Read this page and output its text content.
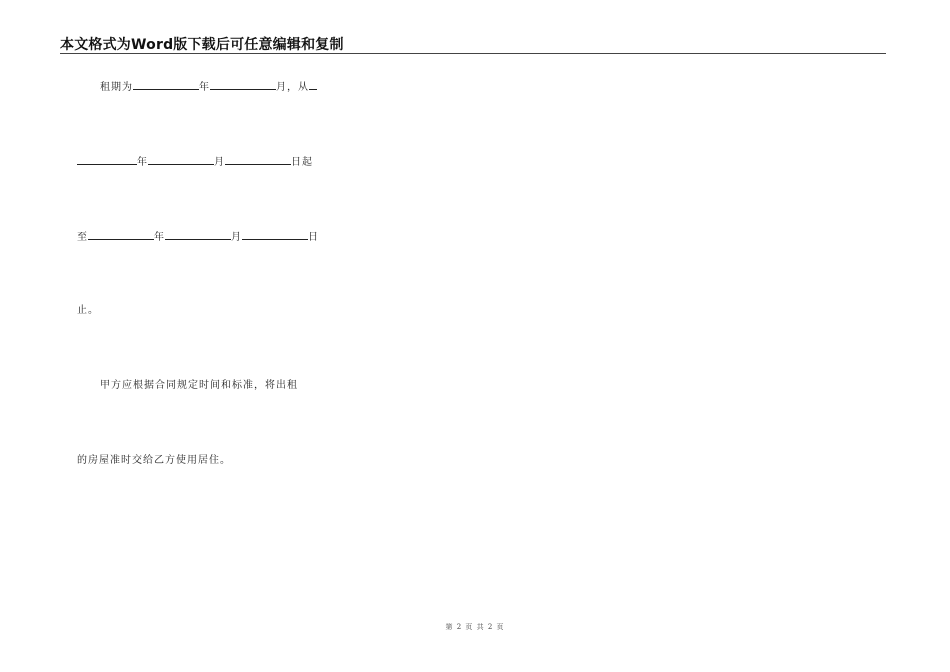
本文格式为Word版下载后可任意编辑和复制
租期为	年	月，从
年	月	日起
至	年	月	日
止。
甲方应根据合同规定时间和标准，将出租
的房屋准时交给乙方使用居住。
第 2 页 共 2 页
